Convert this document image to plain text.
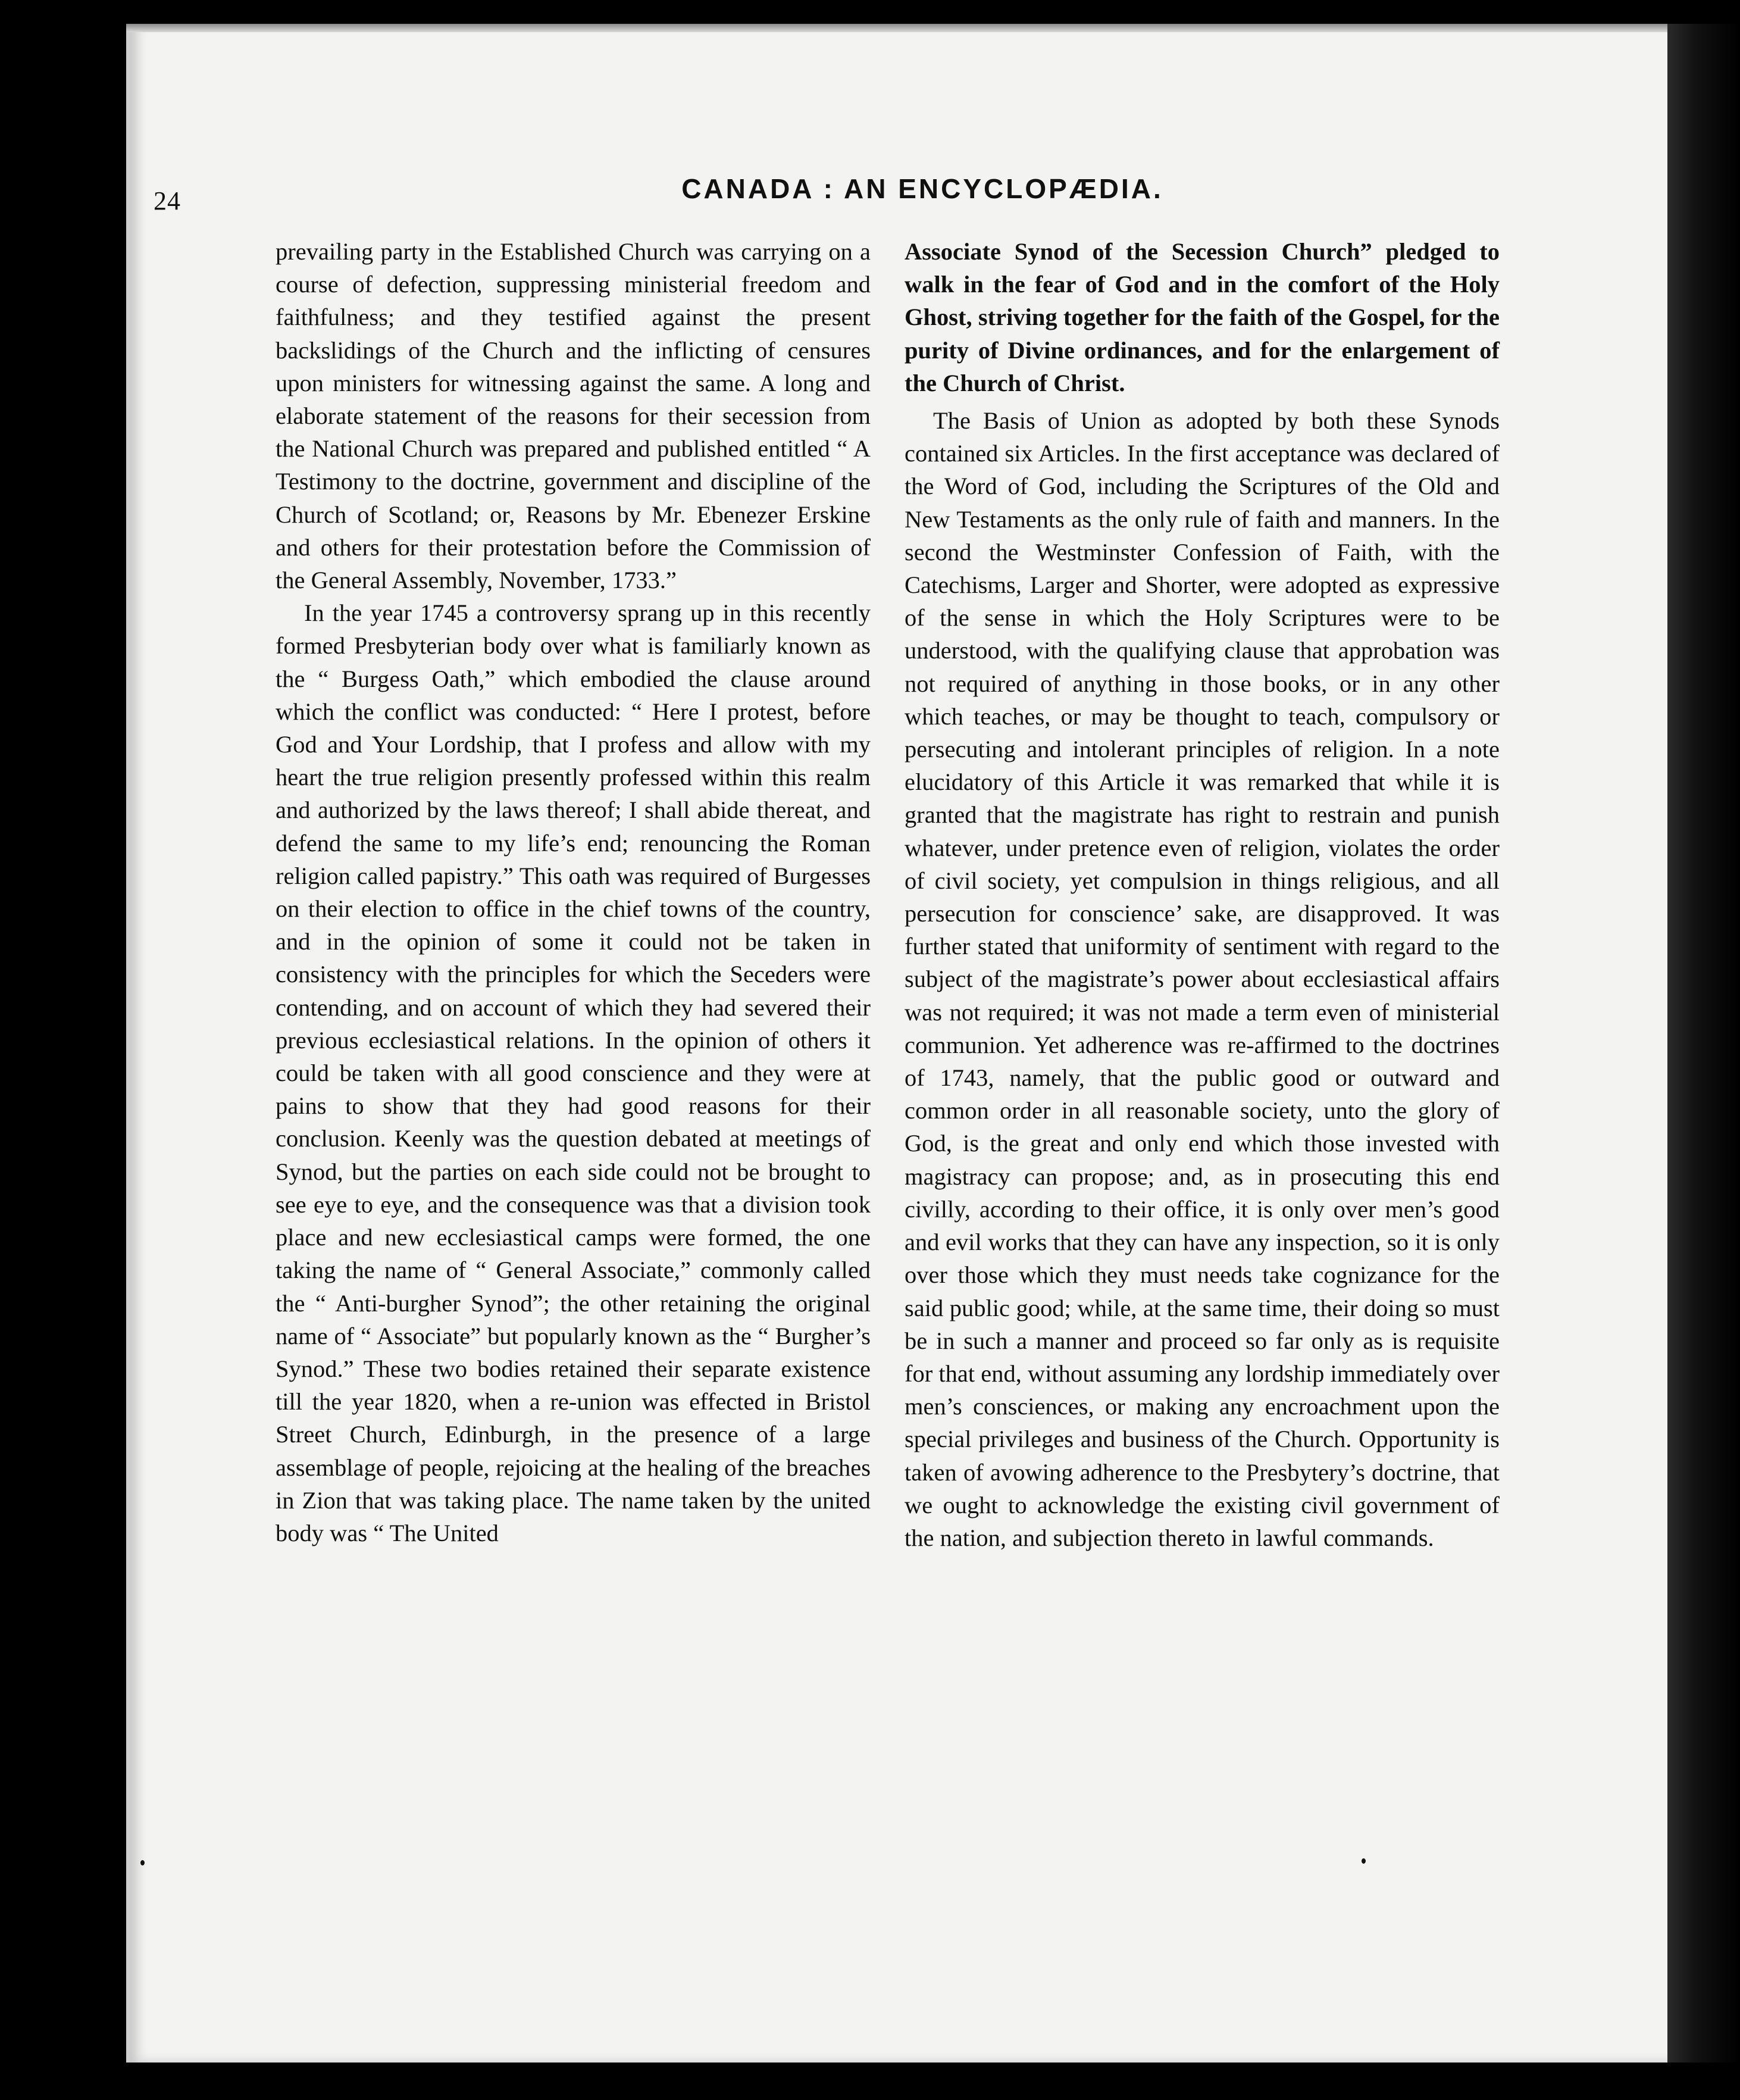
24	CANADA : AN ENCYCLOPÆDIA.

prevailing party in the Established Church was carrying on a course of defection, suppressing ministerial freedom and faithfulness; and they testified against the present backslidings of the Church and the inflicting of censures upon ministers for witnessing against the same. A long and elaborate statement of the reasons for their secession from the National Church was prepared and published entitled “ A Testimony to the doctrine, government and discipline of the Church of Scotland; or, Reasons by Mr. Ebenezer Erskine and others for their protestation before the Commission of the General Assembly, November, 1733.”

In the year 1745 a controversy sprang up in this recently formed Presbyterian body over what is familiarly known as the “ Burgess Oath,” which embodied the clause around which the conflict was conducted: “ Here I protest, before God and Your Lordship, that I profess and allow with my heart the true religion presently professed within this realm and authorized by the laws thereof; I shall abide thereat, and defend the same to my life’s end; renouncing the Roman religion called papistry.” This oath was required of Burgesses on their election to office in the chief towns of the country, and in the opinion of some it could not be taken in consistency with the principles for which the Seceders were contending, and on account of which they had severed their previous ecclesiastical relations. In the opinion of others it could be taken with all good conscience and they were at pains to show that they had good reasons for their conclusion. Keenly was the question debated at meetings of Synod, but the parties on each side could not be brought to see eye to eye, and the consequence was that a division took place and new ecclesiastical camps were formed, the one taking the name of “ General Associate,” commonly called the “ Anti-burgher Synod”; the other retaining the original name of “ Associate” but popularly known as the “ Burgher’s Synod.” These two bodies retained their separate existence till the year 1820, when a re-union was effected in Bristol Street Church, Edinburgh, in the presence of a large assemblage of people, rejoicing at the healing of the breaches in Zion that was taking place. The name taken by the united body was “ The United

Associate Synod of the Secession Church” pledged to walk in the fear of God and in the comfort of the Holy Ghost, striving together for the faith of the Gospel, for the purity of Divine ordinances, and for the enlargement of the Church of Christ.

The Basis of Union as adopted by both these Synods contained six Articles. In the first acceptance was declared of the Word of God, including the Scriptures of the Old and New Testaments as the only rule of faith and manners. In the second the Westminster Confession of Faith, with the Catechisms, Larger and Shorter, were adopted as expressive of the sense in which the Holy Scriptures were to be understood, with the qualifying clause that approbation was not required of anything in those books, or in any other which teaches, or may be thought to teach, compulsory or persecuting and intolerant principles of religion. In a note elucidatory of this Article it was remarked that while it is granted that the magistrate has right to restrain and punish whatever, under pretence even of religion, violates the order of civil society, yet compulsion in things religious, and all persecution for conscience’ sake, are disapproved. It was further stated that uniformity of sentiment with regard to the subject of the magistrate’s power about ecclesiastical affairs was not required; it was not made a term even of ministerial communion. Yet adherence was re-affirmed to the doctrines of 1743, namely, that the public good or outward and common order in all reasonable society, unto the glory of God, is the great and only end which those invested with magistracy can propose; and, as in prosecuting this end civilly, according to their office, it is only over men’s good and evil works that they can have any inspection, so it is only over those which they must needs take cognizance for the said public good; while, at the same time, their doing so must be in such a manner and proceed so far only as is requisite for that end, without assuming any lordship immediately over men’s consciences, or making any encroachment upon the special privileges and business of the Church. Opportunity is taken of avowing adherence to the Presbytery’s doctrine, that we ought to acknowledge the existing civil government of the nation, and subjection thereto in lawful commands.
